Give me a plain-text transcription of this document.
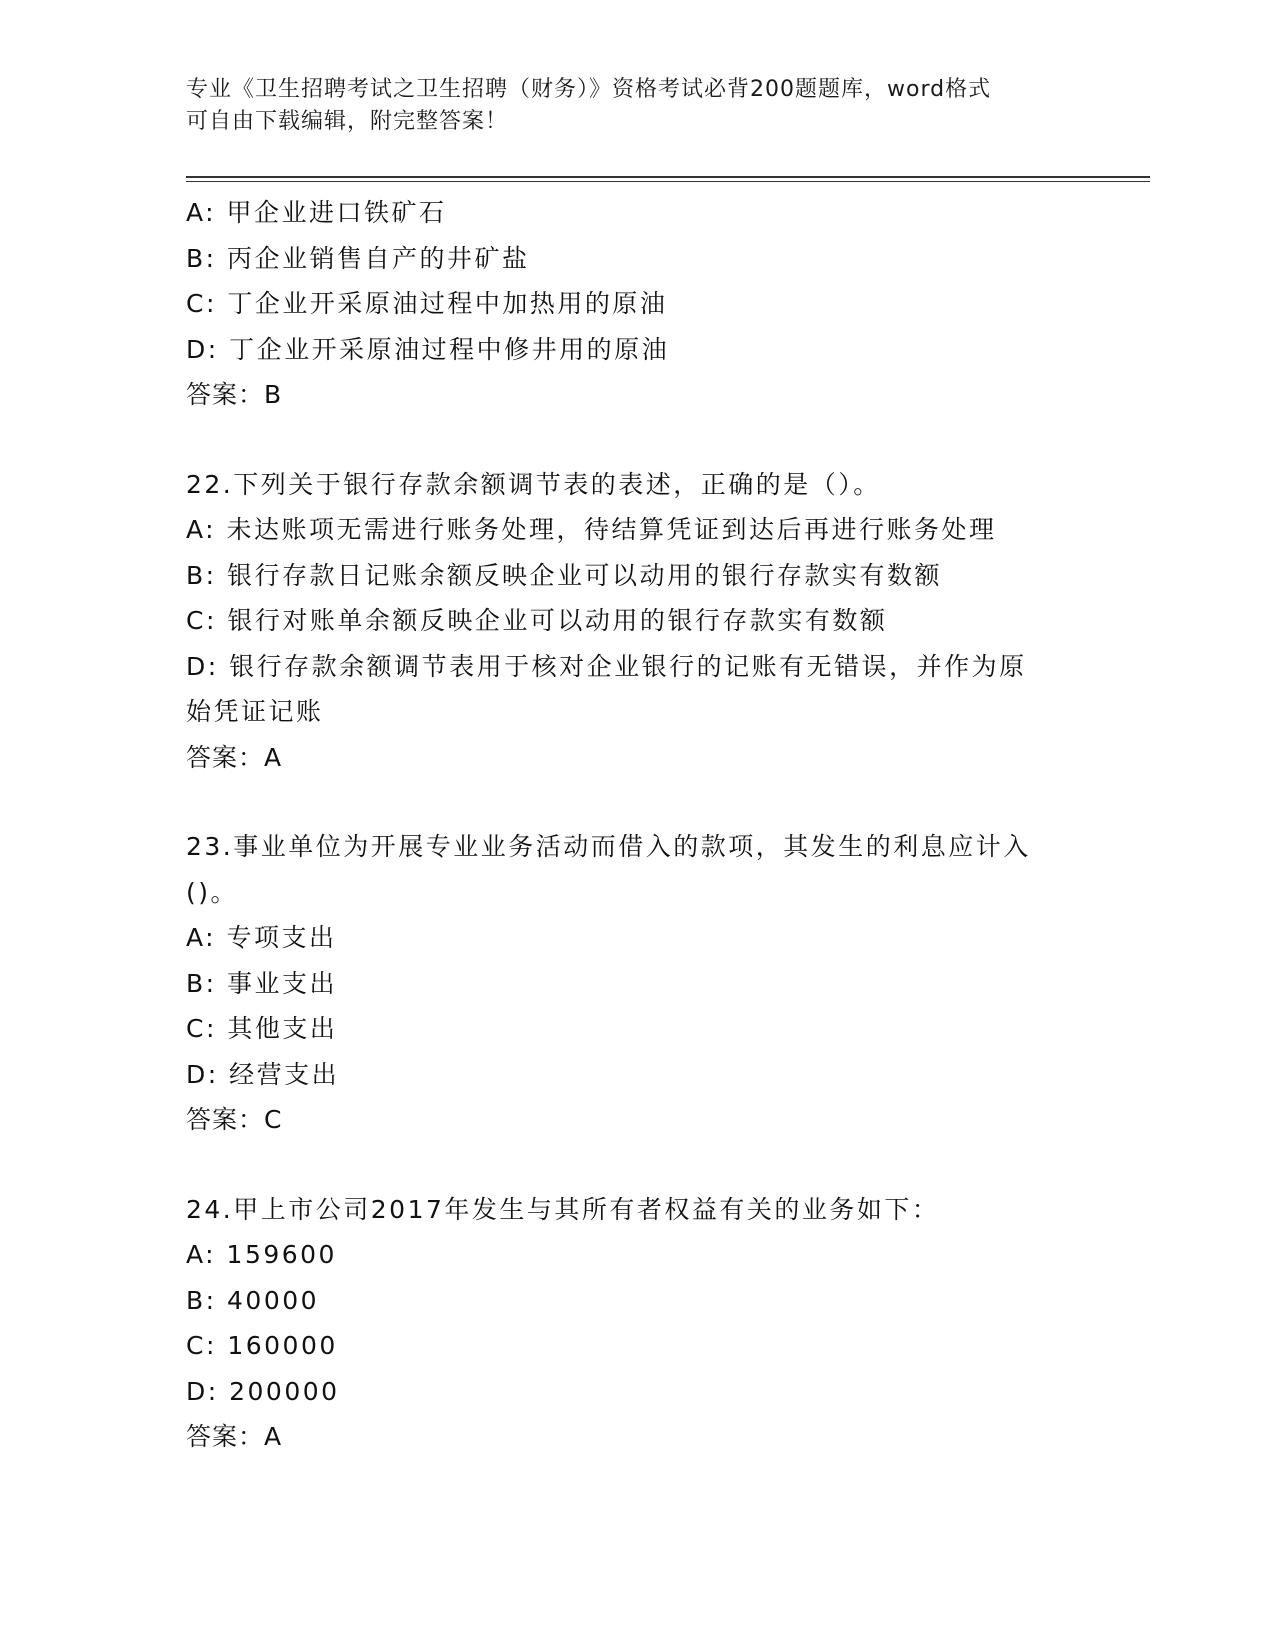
专业《卫生招聘考试之卫生招聘（财务）》资格考试必背200题题库，word格式
可自由下载编辑，附完整答案！

A: 甲企业进口铁矿石

B: 丙企业销售自产的井矿盐

C: 丁企业开采原油过程中加热用的原油

D: 丁企业开采原油过程中修井用的原油

答案：B

22.下列关于银行存款余额调节表的表述，正确的是（）。

A: 未达账项无需进行账务处理，待结算凭证到达后再进行账务处理

B: 银行存款日记账余额反映企业可以动用的银行存款实有数额

C: 银行对账单余额反映企业可以动用的银行存款实有数额

D: 银行存款余额调节表用于核对企业银行的记账有无错误，并作为原

始凭证记账

答案：A

23.事业单位为开展专业业务活动而借入的款项，其发生的利息应计入

()。

A: 专项支出

B: 事业支出

C: 其他支出

D: 经营支出

答案：C

24.甲上市公司2017年发生与其所有者权益有关的业务如下：

A: 159600

B: 40000

C: 160000

D: 200000

答案：A
